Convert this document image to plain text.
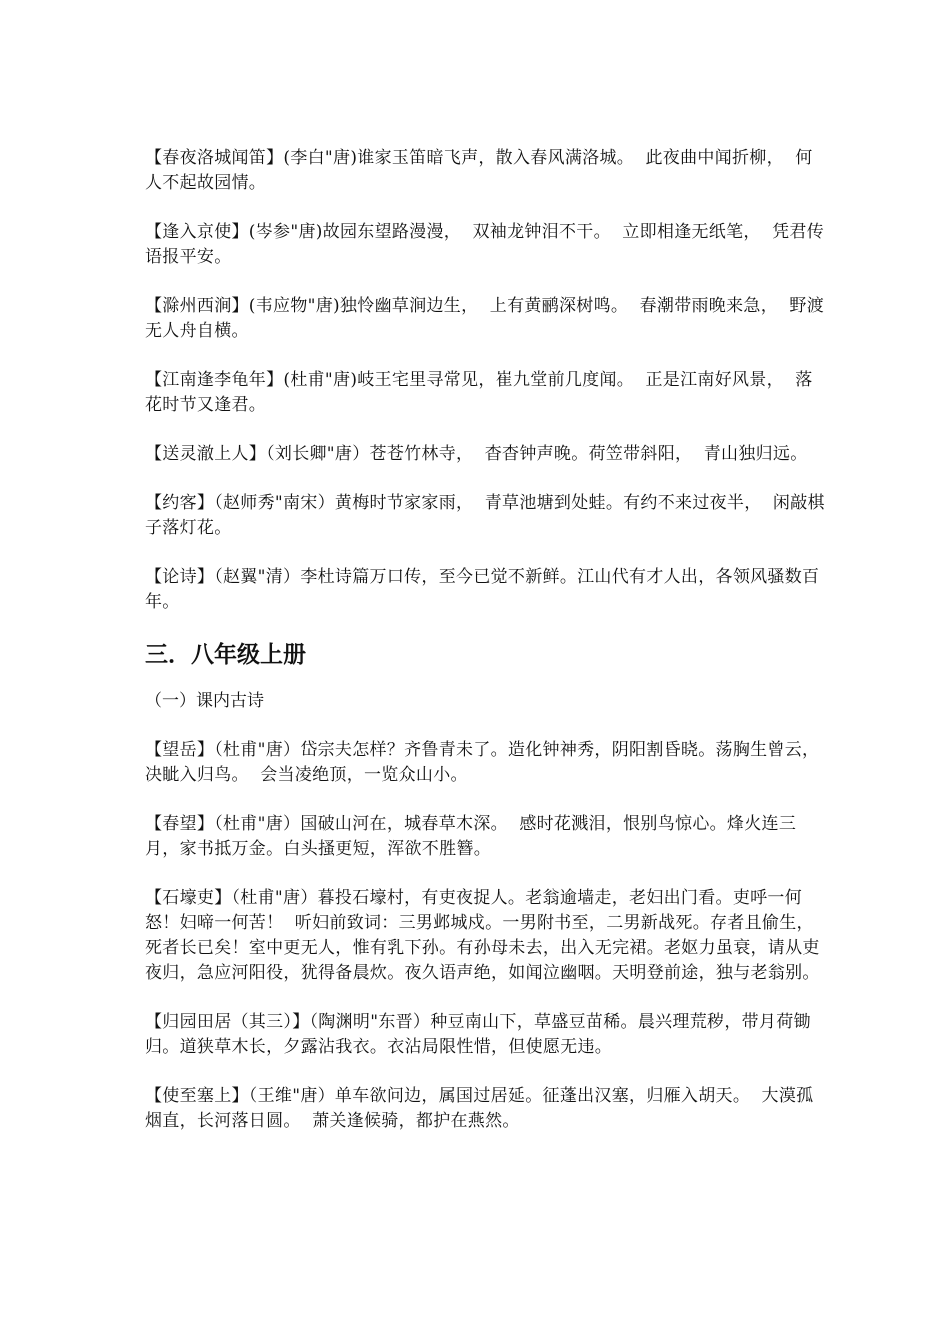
【春夜洛城闻笛】(李白"唐)谁家玉笛暗飞声，散入春风满洛城。  此夜曲中闻折柳，  何人不起故园情。

【逢入京使】(岑参"唐)故园东望路漫漫，  双袖龙钟泪不干。  立即相逢无纸笔，  凭君传语报平安。

【滁州西涧】(韦应物"唐)独怜幽草涧边生，  上有黄鹂深树鸣。  春潮带雨晚来急，  野渡无人舟自横。

【江南逢李龟年】(杜甫"唐)岐王宅里寻常见，崔九堂前几度闻。  正是江南好风景，  落花时节又逢君。

【送灵澈上人】（刘长卿"唐）苍苍竹林寺，  杳杳钟声晚。荷笠带斜阳，  青山独归远。

【约客】（赵师秀"南宋）黄梅时节家家雨，  青草池塘到处蛙。有约不来过夜半，  闲敲棋子落灯花。

【论诗】（赵翼"清）李杜诗篇万口传，至今已觉不新鲜。江山代有才人出，各领风骚数百年。

三．八年级上册

（一）课内古诗

【望岳】（杜甫"唐）岱宗夫怎样？齐鲁青未了。造化钟神秀，阴阳割昏晓。荡胸生曾云，决眦入归鸟。  会当凌绝顶，一览众山小。

【春望】（杜甫"唐）国破山河在，城春草木深。  感时花溅泪，恨别鸟惊心。烽火连三月，家书抵万金。白头搔更短，浑欲不胜簪。

【石壕吏】（杜甫"唐）暮投石壕村，有吏夜捉人。老翁逾墙走，老妇出门看。吏呼一何怒！妇啼一何苦！  听妇前致词：三男邺城戍。一男附书至，二男新战死。存者且偷生，死者长已矣！室中更无人，惟有乳下孙。有孙母未去，出入无完裙。老妪力虽衰，请从吏夜归，急应河阳役，犹得备晨炊。夜久语声绝，如闻泣幽咽。天明登前途，独与老翁别。

【归园田居（其三）】（陶渊明"东晋）种豆南山下，草盛豆苗稀。晨兴理荒秽，带月荷锄归。道狭草木长，夕露沾我衣。衣沾局限性惜，但使愿无违。

【使至塞上】（王维"唐）单车欲问边，属国过居延。征蓬出汉塞，归雁入胡天。  大漠孤烟直，长河落日圆。  萧关逢候骑，都护在燕然。
